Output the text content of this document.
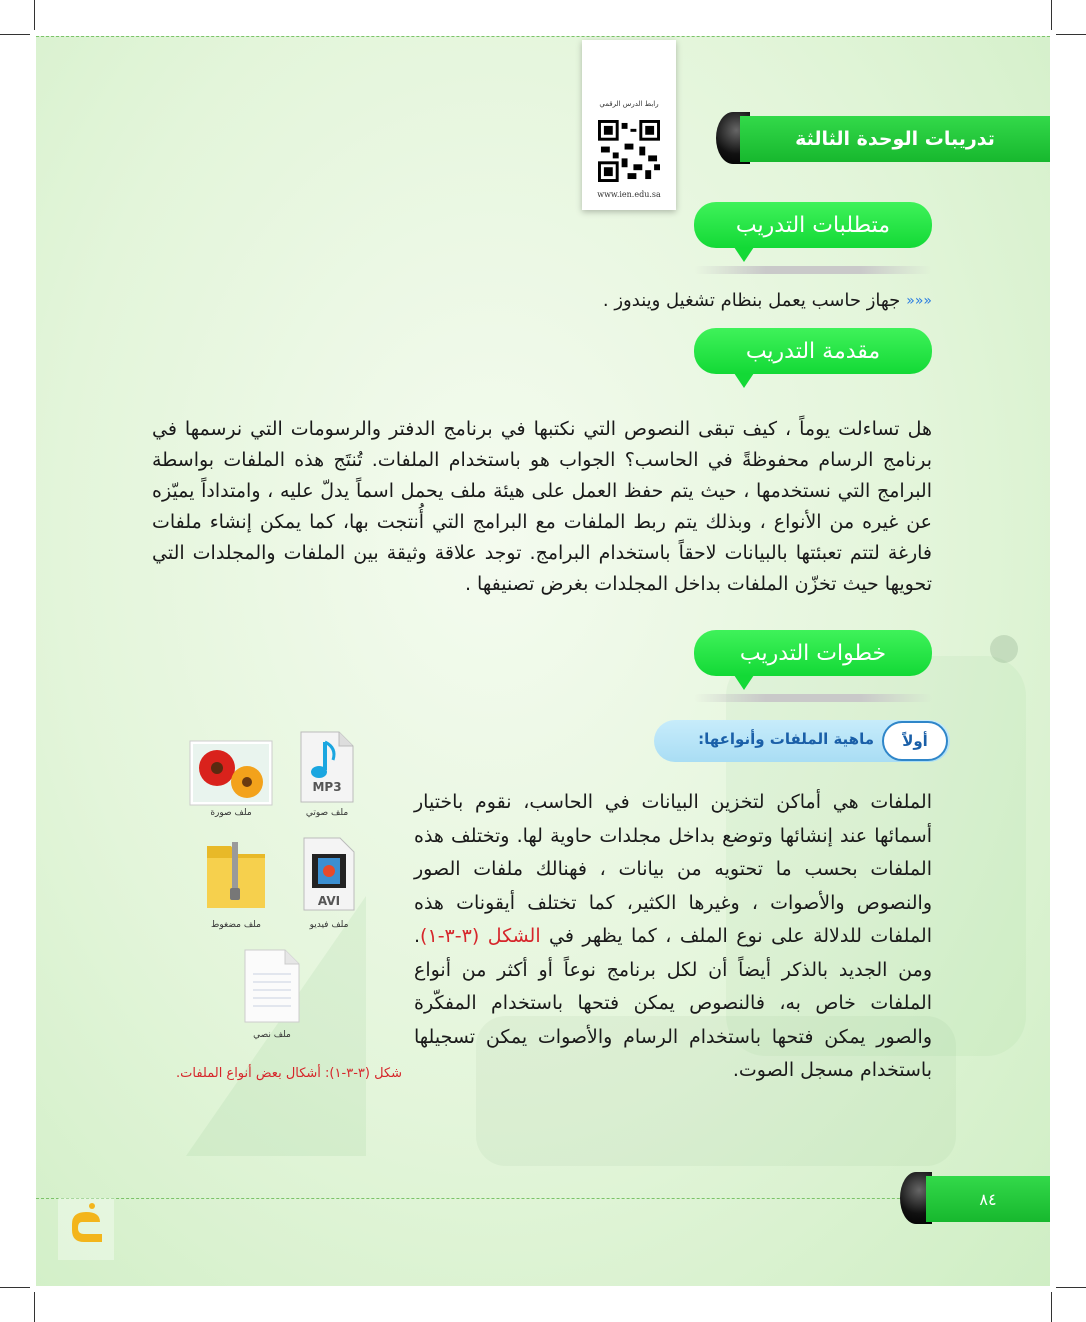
تدريبات الوحدة الثالثة
رابط الدرس الرقمي
www.ien.edu.sa
متطلبات التدريب
«««
جهاز حاسب يعمل بنظام تشغيل ويندوز .
مقدمة التدريب
هل تساءلت يوماً ، كيف تبقى النصوص التي نكتبها في برنامج الدفتر والرسومات التي نرسمها في برنامج الرسام محفوظةً في الحاسب؟ الجواب هو باستخدام الملفات. تُنتَج هذه الملفات بواسطة البرامج التي نستخدمها ، حيث يتم حفظ العمل على هيئة ملف يحمل اسماً يدلّ عليه ، وامتداداً يميّزه عن غيره من الأنواع ، وبذلك يتم ربط الملفات مع البرامج التي أُنتجت بها، كما يمكن إنشاء ملفات فارغة لتتم تعبئتها بالبيانات لاحقاً باستخدام البرامج. توجد علاقة وثيقة بين الملفات والمجلدات التي تحويها حيث تخزّن الملفات بداخل المجلدات بغرض تصنيفها .
خطوات التدريب
أولاً
ماهية الملفات وأنواعها:
الملفات هي أماكن لتخزين البيانات في الحاسب، نقوم باختيار أسمائها عند إنشائها وتوضع بداخل مجلدات حاوية لها. وتختلف هذه الملفات بحسب ما تحتويه من بيانات ، فهنالك ملفات الصور والنصوص والأصوات ، وغيرها الكثير، كما تختلف أيقونات هذه الملفات للدلالة على نوع الملف ، كما يظهر في الشكل (٣-٣-١). ومن الجديد بالذكر أيضاً أن لكل برنامج نوعاً أو أكثر من أنواع الملفات خاص به، فالنصوص يمكن فتحها باستخدام المفكّرة والصور يمكن فتحها باستخدام الرسام والأصوات يمكن تسجيلها باستخدام مسجل الصوت.
MP3
ملف صوتي
ملف صورة
AVI
ملف فيديو
ملف مضغوط
ملف نصي
شكل (٣-٣-١): أشكال بعض أنواع الملفات.
٨٤
